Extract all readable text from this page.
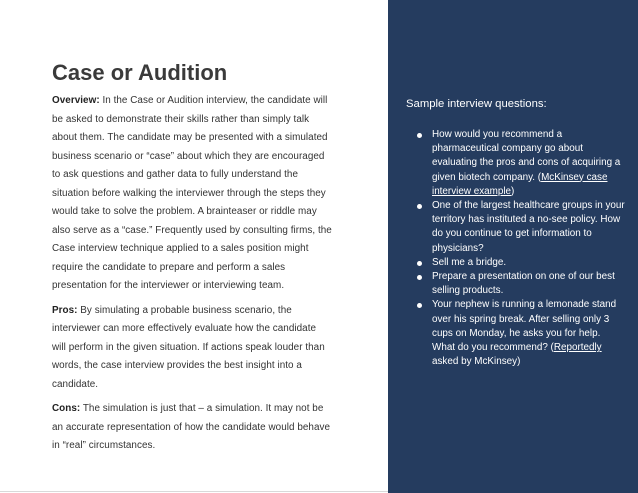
Case or Audition

Overview: In the Case or Audition interview, the candidate will be asked to demonstrate their skills rather than simply talk about them. The candidate may be presented with a simulated business scenario or “case” about which they are encouraged to ask questions and gather data to fully understand the situation before walking the interviewer through the steps they would take to solve the problem. A brainteaser or riddle may also serve as a “case.” Frequently used by consulting firms, the Case interview technique applied to a sales position might require the candidate to prepare and perform a sales presentation for the interviewer or interviewing team.

Pros: By simulating a probable business scenario, the interviewer can more effectively evaluate how the candidate will perform in the given situation. If actions speak louder than words, the case interview provides the best insight into a candidate.

Cons: The simulation is just that – a simulation. It may not be an accurate representation of how the candidate would behave in “real” circumstances.

Sample interview questions:

How would you recommend a pharmaceutical company go about evaluating the pros and cons of acquiring a given biotech company. (McKinsey case interview example)
One of the largest healthcare groups in your territory has instituted a no-see policy. How do you continue to get information to physicians?
Sell me a bridge.
Prepare a presentation on one of our best selling products.
Your nephew is running a lemonade stand over his spring break. After selling only 3 cups on Monday, he asks you for help. What do you recommend? (Reportedly asked by McKinsey)
